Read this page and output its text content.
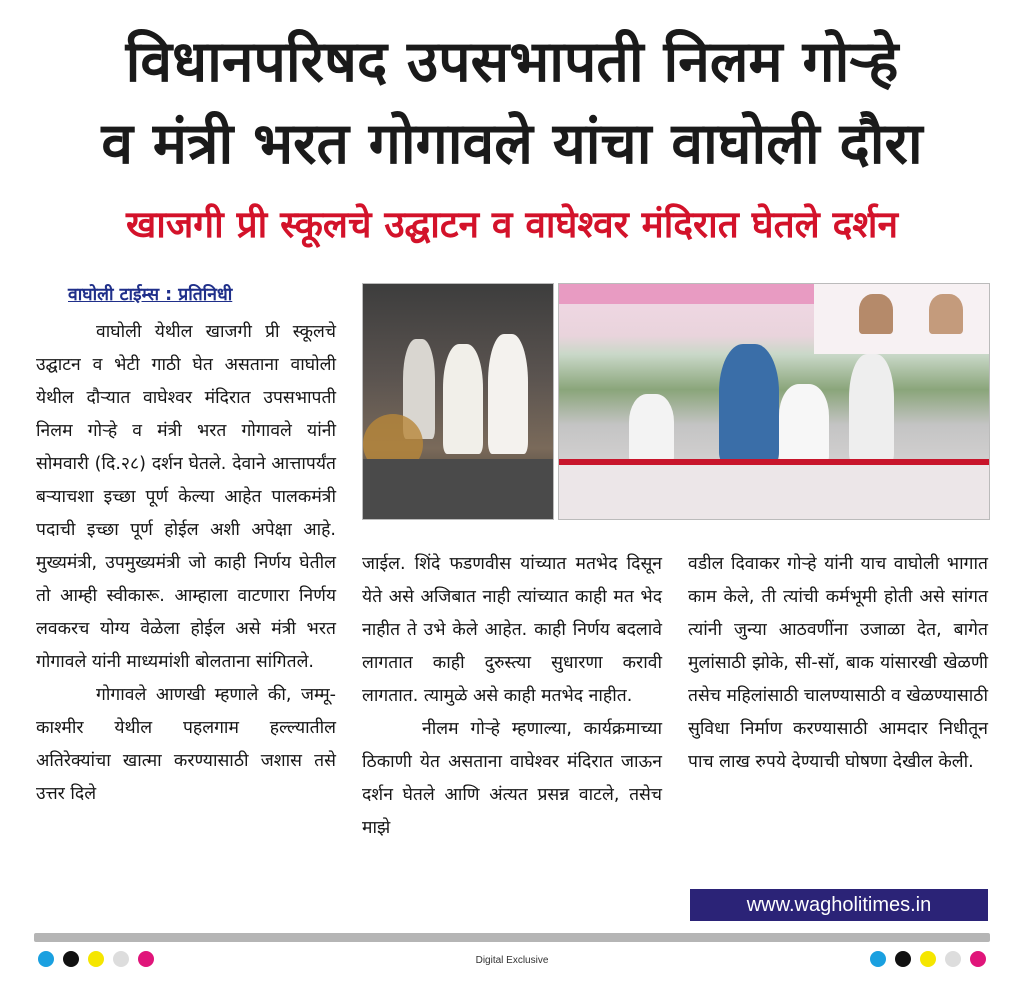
विधानपरिषद उपसभापती निलम गोऱ्हे
व मंत्री भरत गोगावले यांचा वाघोली दौरा
खाजगी प्री स्कूलचे उद्घाटन व वाघेश्वर मंदिरात घेतले दर्शन
वाघोली टाईम्स : प्रतिनिधी

वाघोली येथील खाजगी प्री स्कूलचे उद्घाटन व भेटी गाठी घेत असताना वाघोली येथील दौऱ्यात वाघेश्वर मंदिरात उपसभापती निलम गोऱ्हे व मंत्री भरत गोगावले यांनी सोमवारी (दि.२८) दर्शन घेतले. देवाने आत्तापर्यंत बऱ्याचशा इच्छा पूर्ण केल्या आहेत पालकमंत्री पदाची इच्छा पूर्ण होईल अशी अपेक्षा आहे. मुख्यमंत्री, उपमुख्यमंत्री जो काही निर्णय घेतील तो आम्ही स्वीकारू. आम्हाला वाटणारा निर्णय लवकरच योग्य वेळेला होईल असे मंत्री भरत गोगावले यांनी माध्यमांशी बोलताना सांगितले.

गोगावले आणखी म्हणाले की, जम्मू-काश्मीर येथील पहलगाम हल्ल्यातील अतिरेक्यांचा खात्मा करण्यासाठी जशास तसे उत्तर दिले

जाईल. शिंदे फडणवीस यांच्यात मतभेद दिसून येते असे अजिबात नाही त्यांच्यात काही मत भेद नाहीत ते उभे केले आहेत. काही निर्णय बदलावे लागतात काही दुरुस्त्या सुधारणा करावी लागतात. त्यामुळे असे काही मतभेद नाहीत.

नीलम गोऱ्हे म्हणाल्या, कार्यक्रमाच्या ठिकाणी येत असताना वाघेश्वर मंदिरात जाऊन दर्शन घेतले आणि अंत्यत प्रसन्न वाटले, तसेच माझे

वडील दिवाकर गोऱ्हे यांनी याच वाघोली भागात काम केले, ती त्यांची कर्मभूमी होती असे सांगत त्यांनी जुन्या आठवणींना उजाळा देत, बागेत मुलांसाठी झोके, सी-सॉ, बाक यांसारखी खेळणी तसेच महिलांसाठी चालण्यासाठी व खेळण्यासाठी सुविधा निर्माण करण्यासाठी आमदार निधीतून पाच लाख रुपये देण्याची घोषणा देखील केली.

www.wagholitimes.in
Digital Exclusive
